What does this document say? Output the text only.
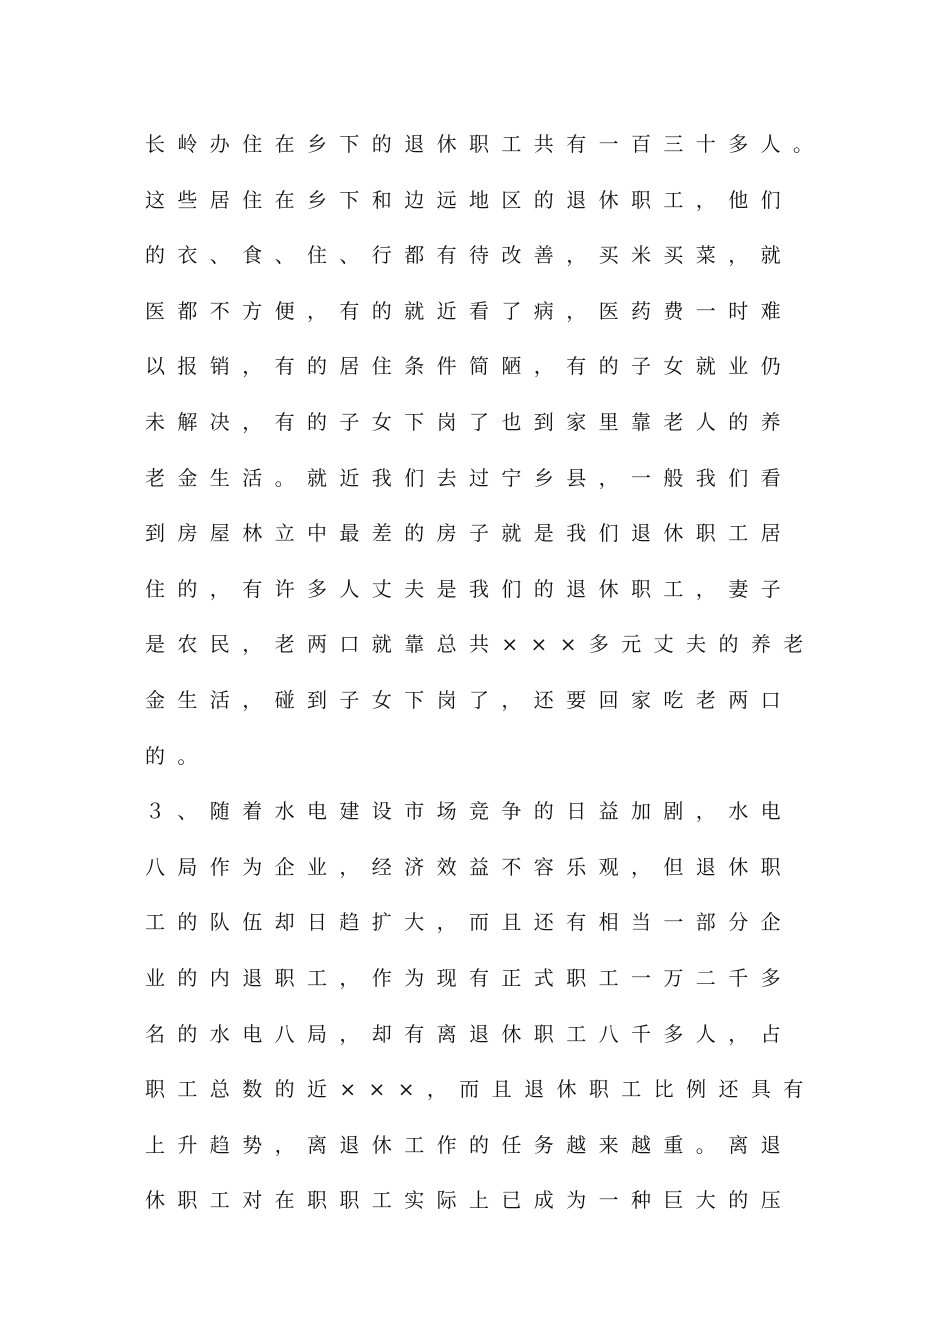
长岭办住在乡下的退休职工共有一百三十多人。
这些居住在乡下和边远地区的退休职工，他们
的衣、食、住、行都有待改善，买米买菜，就
医都不方便，有的就近看了病，医药费一时难
以报销，有的居住条件简陋，有的子女就业仍
未解决，有的子女下岗了也到家里靠老人的养
老金生活。就近我们去过宁乡县，一般我们看
到房屋林立中最差的房子就是我们退休职工居
住的，有许多人丈夫是我们的退休职工，妻子
是农民，老两口就靠总共×××多元丈夫的养老
金生活，碰到子女下岗了，还要回家吃老两口
的。
３、随着水电建设市场竞争的日益加剧，水电
八局作为企业，经济效益不容乐观，但退休职
工的队伍却日趋扩大，而且还有相当一部分企
业的内退职工，作为现有正式职工一万二千多
名的水电八局，却有离退休职工八千多人，占
职工总数的近×××，而且退休职工比例还具有
上升趋势，离退休工作的任务越来越重。离退
休职工对在职职工实际上已成为一种巨大的压
